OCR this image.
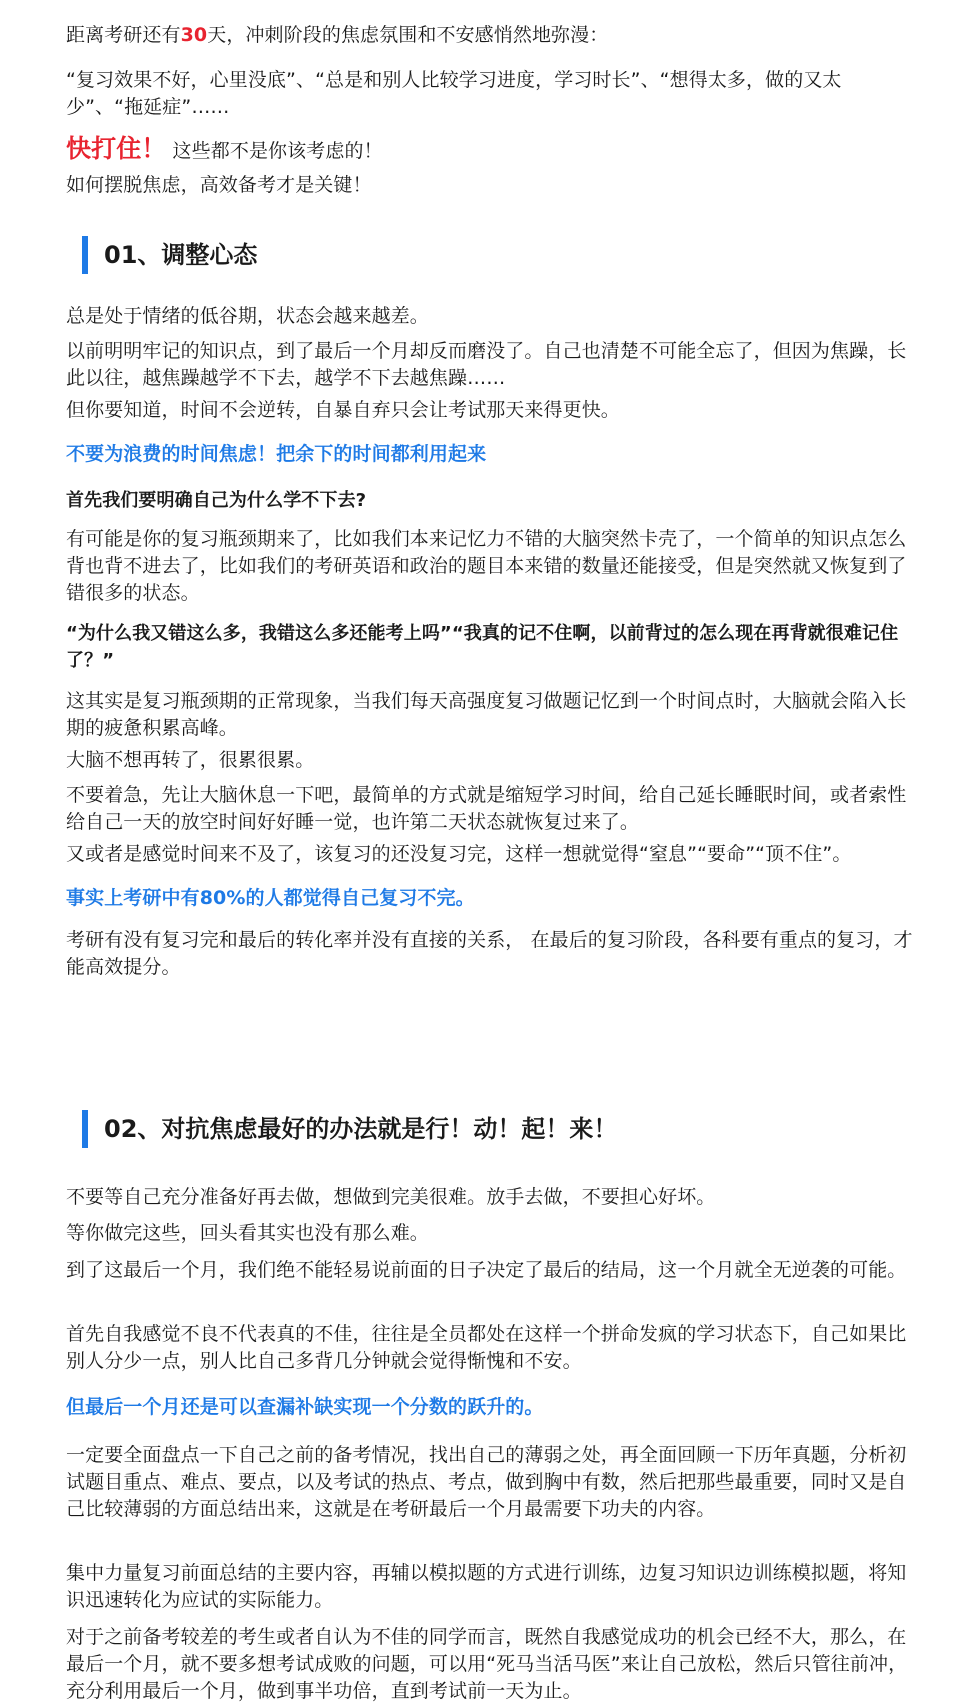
距离考研还有30天，冲刺阶段的焦虑氛围和不安感悄然地弥漫：

“复习效果不好，心里没底”、“总是和别人比较学习进度，学习时长”、“想得太多，做的又太少”、“拖延症”……

快打住！ 这些都不是你该考虑的！

如何摆脱焦虑，高效备考才是关键！

01、调整心态

总是处于情绪的低谷期，状态会越来越差。

以前明明牢记的知识点，到了最后一个月却反而磨没了。自己也清楚不可能全忘了，但因为焦躁，长此以往，越焦躁越学不下去，越学不下去越焦躁……

但你要知道，时间不会逆转，自暴自弃只会让考试那天来得更快。

不要为浪费的时间焦虑！把余下的时间都利用起来

首先我们要明确自己为什么学不下去?

有可能是你的复习瓶颈期来了，比如我们本来记忆力不错的大脑突然卡壳了，一个简单的知识点怎么背也背不进去了，比如我们的考研英语和政治的题目本来错的数量还能接受，但是突然就又恢复到了错很多的状态。

“为什么我又错这么多，我错这么多还能考上吗”“我真的记不住啊，以前背过的怎么现在再背就很难记住了？”

这其实是复习瓶颈期的正常现象，当我们每天高强度复习做题记忆到一个时间点时，大脑就会陷入长期的疲惫积累高峰。

大脑不想再转了，很累很累。

不要着急，先让大脑休息一下吧，最简单的方式就是缩短学习时间，给自己延长睡眠时间，或者索性给自己一天的放空时间好好睡一觉，也许第二天状态就恢复过来了。

又或者是感觉时间来不及了，该复习的还没复习完，这样一想就觉得“窒息”“要命”“顶不住”。

事实上考研中有80%的人都觉得自己复习不完。

考研有没有复习完和最后的转化率并没有直接的关系， 在最后的复习阶段，各科要有重点的复习，才能高效提分。

02、对抗焦虑最好的办法就是行！动！起！来！

不要等自己充分准备好再去做，想做到完美很难。放手去做，不要担心好坏。

等你做完这些，回头看其实也没有那么难。

到了这最后一个月，我们绝不能轻易说前面的日子决定了最后的结局，这一个月就全无逆袭的可能。

首先自我感觉不良不代表真的不佳，往往是全员都处在这样一个拼命发疯的学习状态下，自己如果比别人分少一点，别人比自己多背几分钟就会觉得惭愧和不安。

但最后一个月还是可以查漏补缺实现一个分数的跃升的。

一定要全面盘点一下自己之前的备考情况，找出自己的薄弱之处，再全面回顾一下历年真题，分析初试题目重点、难点、要点，以及考试的热点、考点，做到胸中有数，然后把那些最重要，同时又是自己比较薄弱的方面总结出来，这就是在考研最后一个月最需要下功夫的内容。

集中力量复习前面总结的主要内容，再辅以模拟题的方式进行训练，边复习知识边训练模拟题，将知识迅速转化为应试的实际能力。

对于之前备考较差的考生或者自认为不佳的同学而言，既然自我感觉成功的机会已经不大，那么，在最后一个月，就不要多想考试成败的问题，可以用“死马当活马医”来让自己放松，然后只管往前冲，充分利用最后一个月，做到事半功倍，直到考试前一天为止。
